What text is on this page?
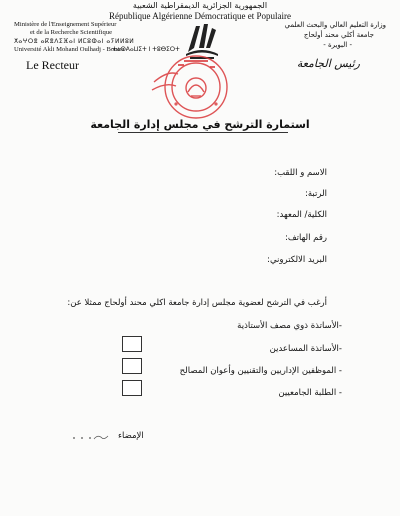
الجمهورية الجزائرية الديمقراطية الشعبية
République Algérienne Démocratique et Populaire
Ministère de l'Enseignement Supérieur
et de la Recherche Scientifique
ⵅⴰⵖⵔⴻ ⴰⴽⴻⴷⵉⴼⴰⵏ ⵍⵎⵓⵀⴰⵏ ⴰⵢⵍⵍⵓⵍ
Université Akli Mohand Oulhadj - Bouira -
ⵜⴰⵙⴷⴰⵡⵉⵜ ⵏ ⵜⵓⴱⵉⵔⵜ
وزارة التعليم العالي والبحث العلمي
جامعة أكلي محند أولحاج
- البويرة -
Le Recteur	رئيس الجامعة
استمارة الترشح في مجلس إدارة الجامعة
الاسم و اللقب:
الرتبة:
الكلية/ المعهد:
رقم الهاتف:
البريد الالكتروني:
أرغب في الترشح لعضوية مجلس إدارة جامعة اكلي محند أولحاج ممثلا عن:
-الأساتذة ذوي مصف الأستاذية
-الأساتذة المساعدين
- الموظفين الإداريين والتقنيين وأعوان المصالح
- الطلبة الجامعيين
الإمضاء
